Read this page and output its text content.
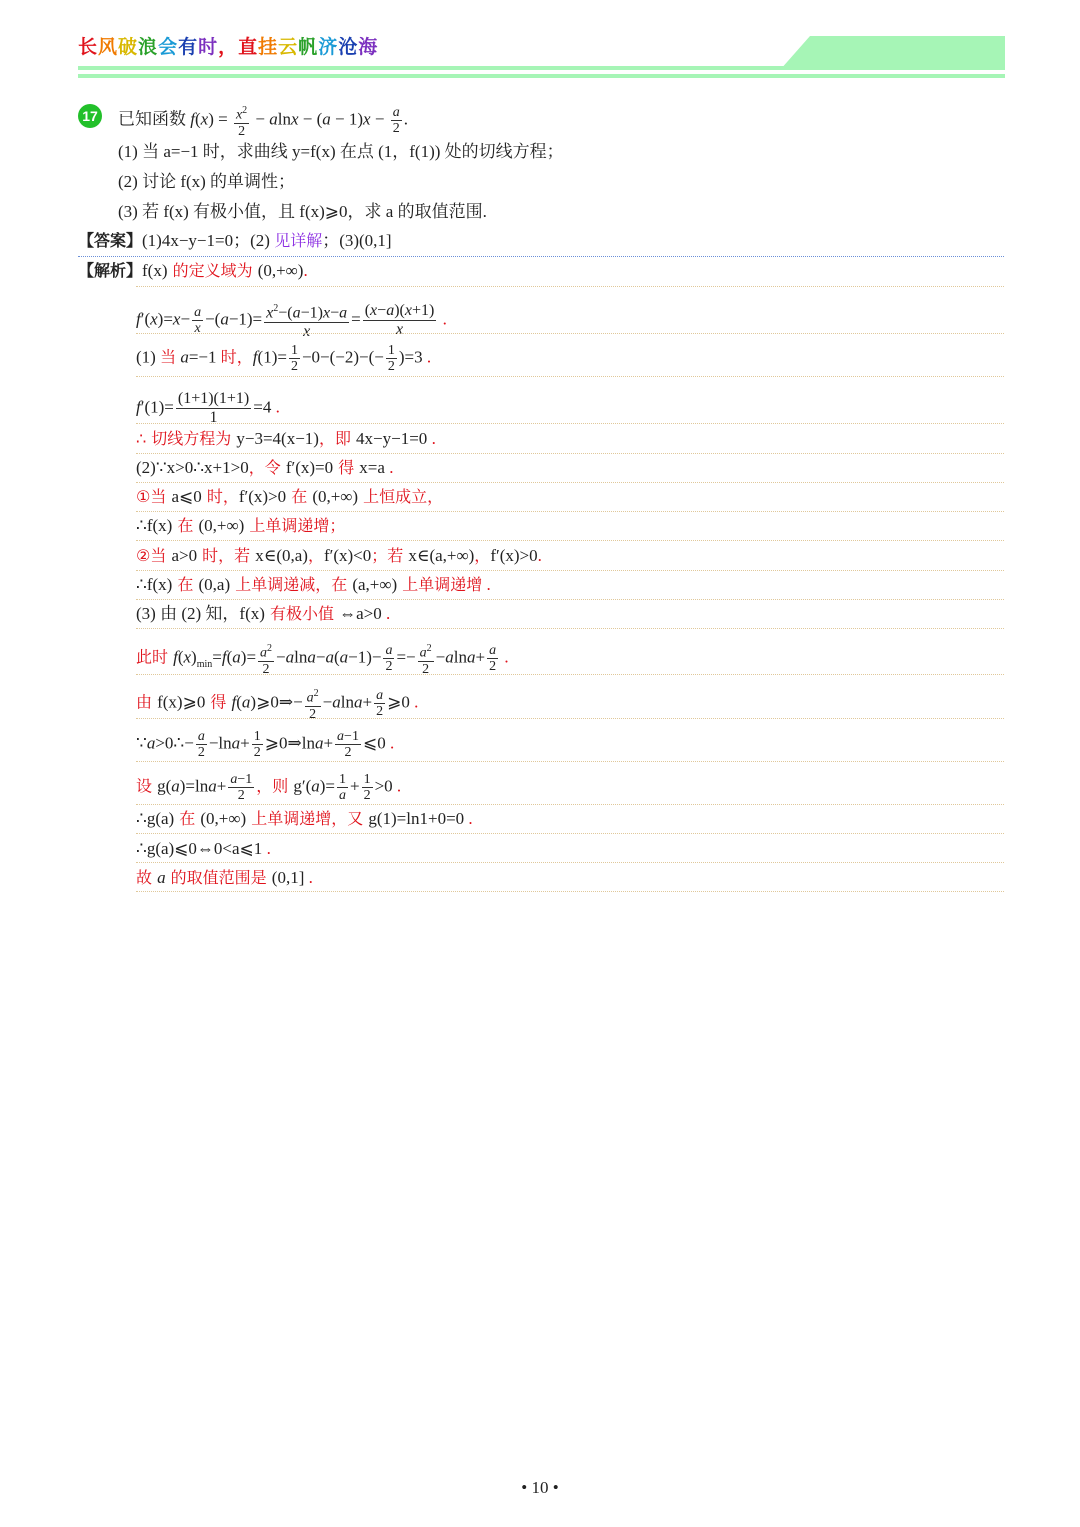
长风破浪会有时，直挂云帆济沧海
17 已知函数 $f(x) = \frac{x^2}{2} - alnx - (a - 1)x - \frac{a}{2}$ .
(1) 当 a=−1 时，求曲线 y=f(x) 在点 (1，f(1)) 处的切线方程；
(2) 讨论 f(x) 的单调性；
(3) 若 f(x) 有极小值，且 f(x)⩾0，求 a 的取值范围.
【答案】(1)4x−y−1=0；(2) 见详解；(3)(0,1]
【解析】f(x) 的定义域为 (0,+∞).
$f'(x)=x- \frac{a}{x} -(a-1)= \frac{x^2-(a-1)x-a}{x} = \frac{(x-a)(x+1)}{x}$ .
(1) 当 a=−1 时，$f(1)= \frac{1}{2} -0-(-2)-(- \frac{1}{2} )=3$ .
$f'(1)= \frac{(1+1)(1+1)}{1} =4$ .
∴ 切线方程为 y−3=4(x−1)，即 4x−y−1=0 .
(2)∵x>0∴x+1>0，令 f′(x)=0 得 x=a .
①当 a⩽0 时，f′(x)>0 在 (0,+∞) 上恒成立，
∴f(x) 在 (0,+∞) 上单调递增；
②当 a>0 时，若 x∈(0,a)，f′(x)<0；若 x∈(a,+∞)，f′(x)>0.
∴f(x) 在 (0,a) 上单调递减，在 (a,+∞) 上单调递增 .
(3) 由 (2) 知，f(x) 有极小值 ⇔a>0 .
此时 $f(x)_{min}=f(a)= \frac{a^2}{2} -alna-a(a-1)- \frac{a}{2} =- \frac{a^2}{2} -alna+ \frac{a}{2}$ .
由 f(x)⩾0 得 f(a)⩾0⇒− $\frac{a^2}{2} -alna+ \frac{a}{2}$ ⩾0 .
∵a>0∴− $\frac{a}{2} -\ln a+ \frac{1}{2}$ ⩾0⇒lna+ $\frac{a-1}{2}$ ⩽0 .
设 $g(a)=\ln a+ \frac{a-1}{2}$ ，则 $g'(a)= \frac{1}{a} + \frac{1}{2} >0$ .
∴g(a) 在 (0,+∞) 上单调递增，又 g(1)=ln1+0=0 .
∴g(a)⩽0⇔0<a⩽1 .
故 a 的取值范围是 (0,1] .
• 10 •
